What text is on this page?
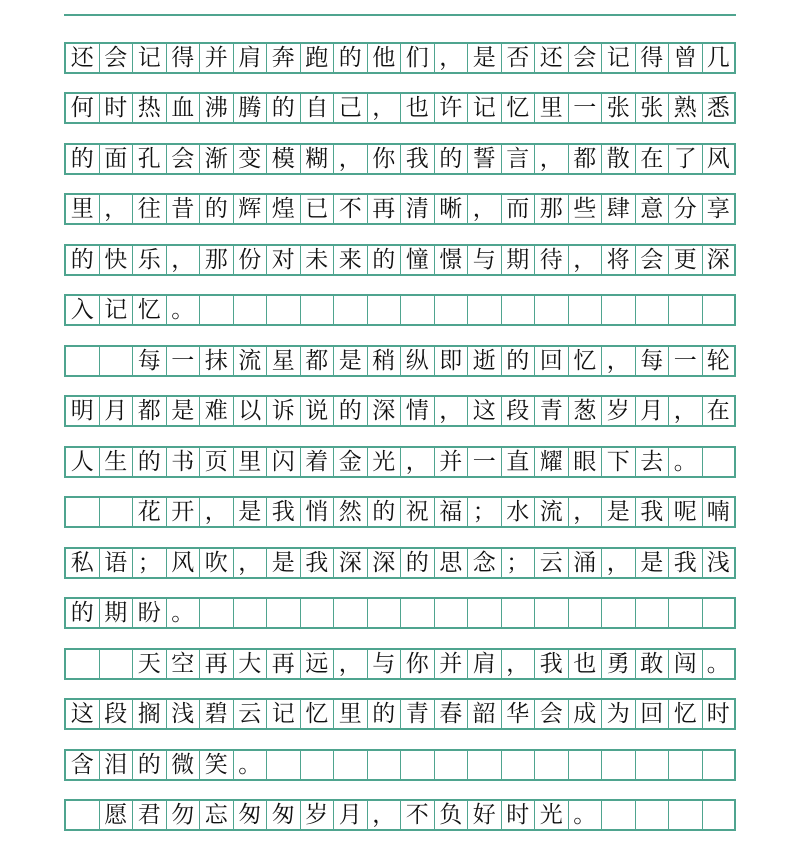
还 会 记 得 并 肩 奔 跑 的 他 们 ， 是 否 还 会 记 得 曾 几
何 时 热 血 沸 腾 的 自 己 ， 也 许 记 忆 里 一 张 张 熟 悉
的 面 孔 会 渐 变 模 糊 ， 你 我 的 誓 言 ， 都 散 在 了 风
里 ， 往 昔 的 辉 煌 已 不 再 清 晰 ， 而 那 些 肆 意 分 享
的 快 乐 ， 那 份 对 未 来 的 憧 憬 与 期 待 ， 将 会 更 深
入 记 忆 。
每 一 抹 流 星 都 是 稍 纵 即 逝 的 回 忆 ， 每 一 轮
明 月 都 是 难 以 诉 说 的 深 情 ， 这 段 青 葱 岁 月 ， 在
人 生 的 书 页 里 闪 着 金 光 ， 并 一 直 耀 眼 下 去 。
花 开 ， 是 我 悄 然 的 祝 福 ； 水 流 ， 是 我 呢 喃
私 语 ； 风 吹 ， 是 我 深 深 的 思 念 ； 云 涌 ， 是 我 浅
的 期 盼 。
天 空 再 大 再 远 ， 与 你 并 肩 ， 我 也 勇 敢 闯 。
这 段 搁 浅 碧 云 记 忆 里 的 青 春 韶 华 会 成 为 回 忆 时
含 泪 的 微 笑 。
愿 君 勿 忘 匆 匆 岁 月 ， 不 负 好 时 光 。
